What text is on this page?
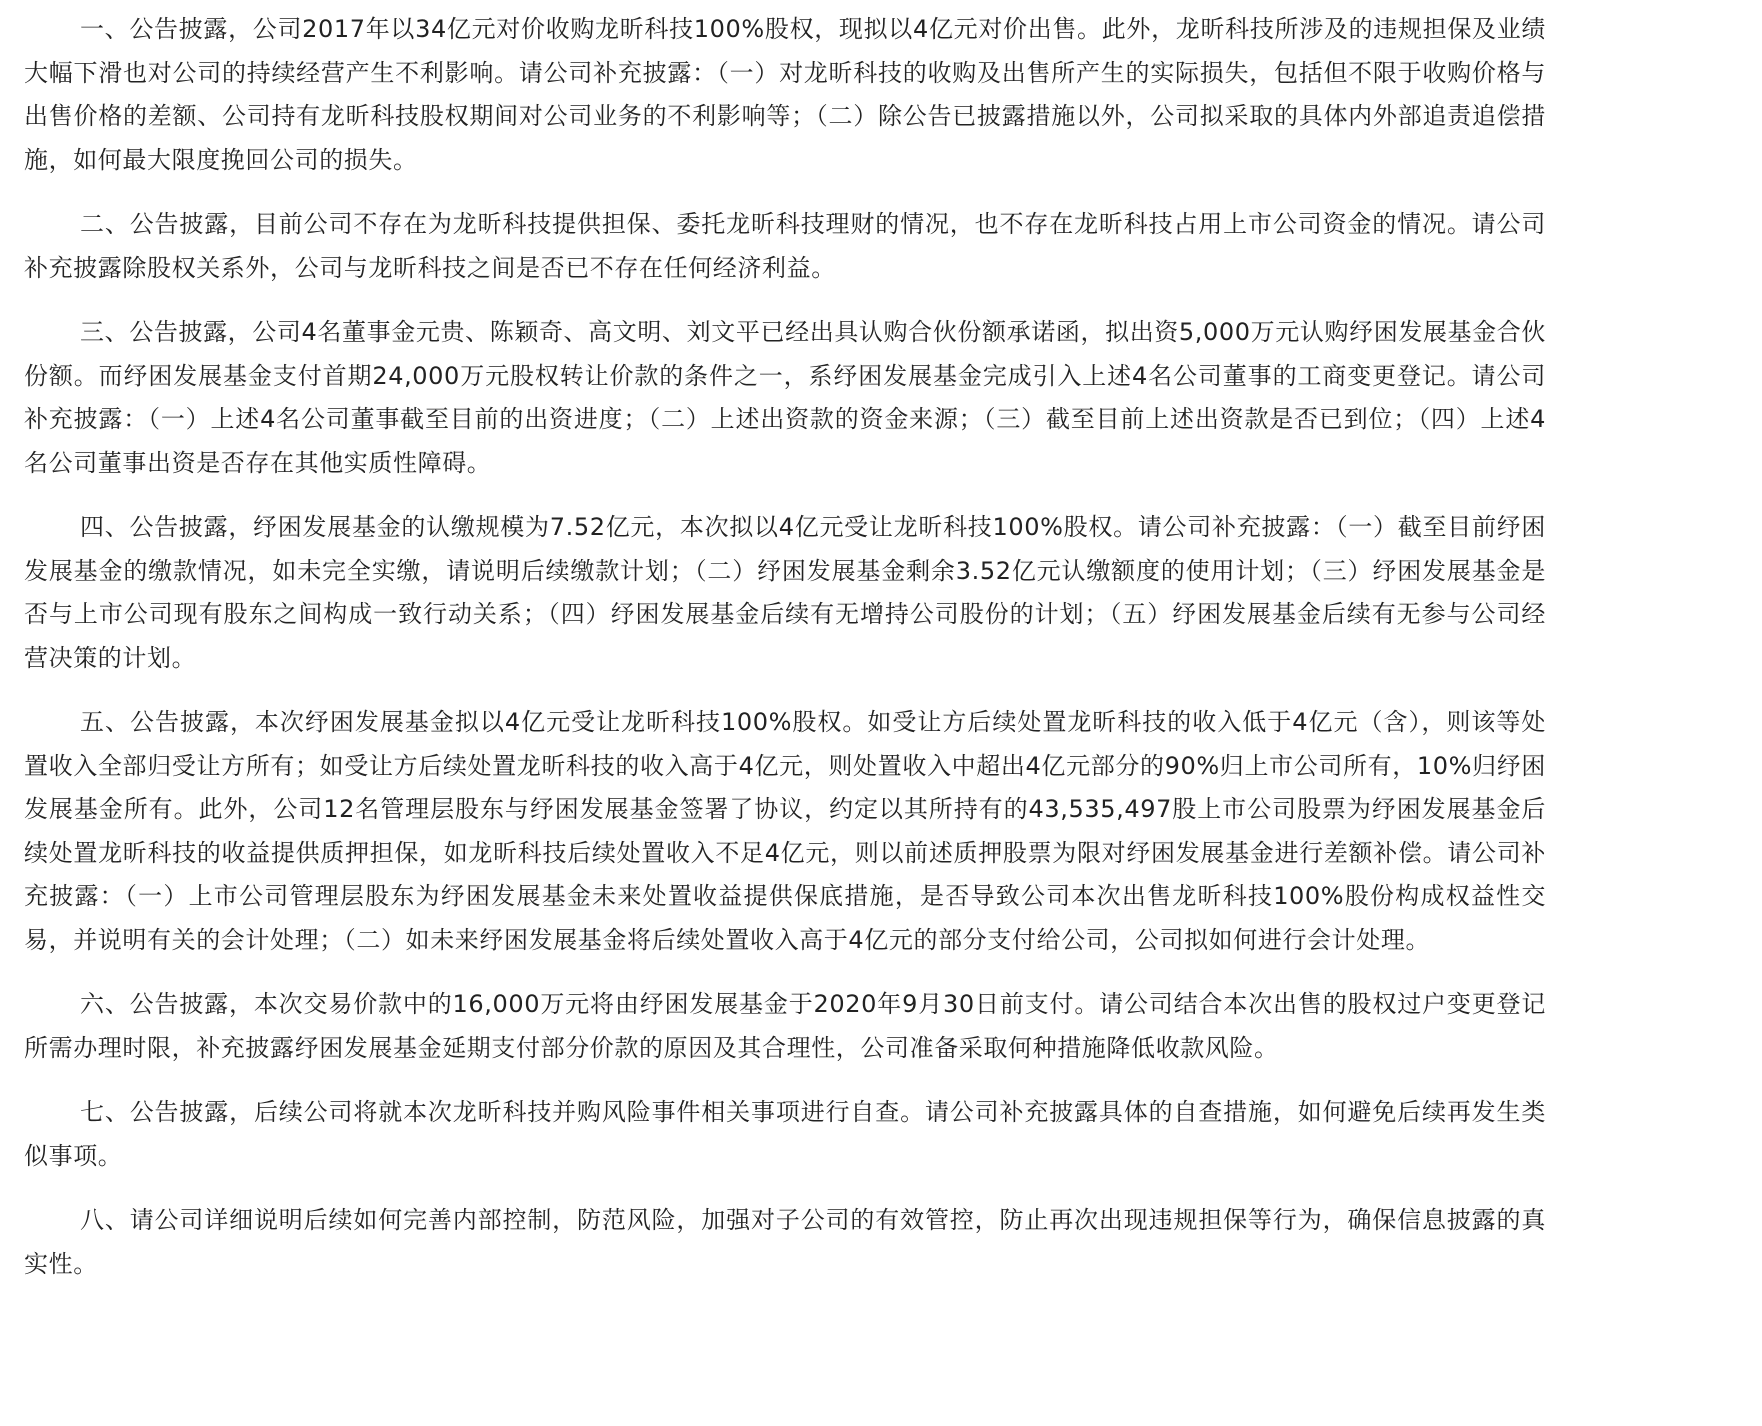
一、公告披露，公司2017年以34亿元对价收购龙昕科技100%股权，现拟以4亿元对价出售。此外，龙昕科技所涉及的违规担保及业绩大幅下滑也对公司的持续经营产生不利影响。请公司补充披露：（一）对龙昕科技的收购及出售所产生的实际损失，包括但不限于收购价格与出售价格的差额、公司持有龙昕科技股权期间对公司业务的不利影响等；（二）除公告已披露措施以外，公司拟采取的具体内外部追责追偿措施，如何最大限度挽回公司的损失。

二、公告披露，目前公司不存在为龙昕科技提供担保、委托龙昕科技理财的情况，也不存在龙昕科技占用上市公司资金的情况。请公司补充披露除股权关系外，公司与龙昕科技之间是否已不存在任何经济利益。

三、公告披露，公司4名董事金元贵、陈颖奇、高文明、刘文平已经出具认购合伙份额承诺函，拟出资5,000万元认购纾困发展基金合伙份额。而纾困发展基金支付首期24,000万元股权转让价款的条件之一，系纾困发展基金完成引入上述4名公司董事的工商变更登记。请公司补充披露：（一）上述4名公司董事截至目前的出资进度；（二）上述出资款的资金来源；（三）截至目前上述出资款是否已到位；（四）上述4名公司董事出资是否存在其他实质性障碍。

四、公告披露，纾困发展基金的认缴规模为7.52亿元，本次拟以4亿元受让龙昕科技100%股权。请公司补充披露：（一）截至目前纾困发展基金的缴款情况，如未完全实缴，请说明后续缴款计划；（二）纾困发展基金剩余3.52亿元认缴额度的使用计划；（三）纾困发展基金是否与上市公司现有股东之间构成一致行动关系；（四）纾困发展基金后续有无增持公司股份的计划；（五）纾困发展基金后续有无参与公司经营决策的计划。

五、公告披露，本次纾困发展基金拟以4亿元受让龙昕科技100%股权。如受让方后续处置龙昕科技的收入低于4亿元（含），则该等处置收入全部归受让方所有；如受让方后续处置龙昕科技的收入高于4亿元，则处置收入中超出4亿元部分的90%归上市公司所有，10%归纾困发展基金所有。此外，公司12名管理层股东与纾困发展基金签署了协议，约定以其所持有的43,535,497股上市公司股票为纾困发展基金后续处置龙昕科技的收益提供质押担保，如龙昕科技后续处置收入不足4亿元，则以前述质押股票为限对纾困发展基金进行差额补偿。请公司补充披露：（一）上市公司管理层股东为纾困发展基金未来处置收益提供保底措施，是否导致公司本次出售龙昕科技100%股份构成权益性交易，并说明有关的会计处理；（二）如未来纾困发展基金将后续处置收入高于4亿元的部分支付给公司，公司拟如何进行会计处理。

六、公告披露，本次交易价款中的16,000万元将由纾困发展基金于2020年9月30日前支付。请公司结合本次出售的股权过户变更登记所需办理时限，补充披露纾困发展基金延期支付部分价款的原因及其合理性，公司准备采取何种措施降低收款风险。

七、公告披露，后续公司将就本次龙昕科技并购风险事件相关事项进行自查。请公司补充披露具体的自查措施，如何避免后续再发生类似事项。

八、请公司详细说明后续如何完善内部控制，防范风险，加强对子公司的有效管控，防止再次出现违规担保等行为，确保信息披露的真实性。
